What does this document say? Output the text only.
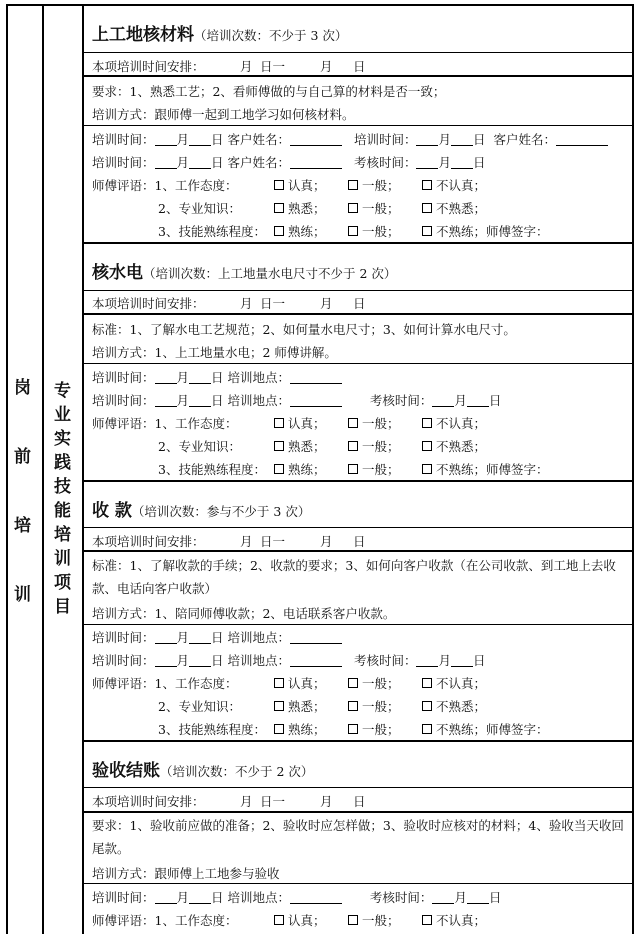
岗
前
培
训
专
业
实
践
技
能
培
训
项
目
上工地核材料（培训次数：不少于 3 次）
本项培训时间安排：	月 日一	月 日
要求：1、熟悉工艺；2、看师傅做的与自己算的材料是否一致；
培训方式：跟师傅一起到工地学习如何核材料。
培训时间： 月 日 客户姓名：	培训时间： 月 日 客户姓名：
培训时间： 月 日 客户姓名：	考核时间： 月 日
师傅评语：1、工作态度：	认真；	一般；	不认真；
2、专业知识：	熟悉；	一般；	不熟悉；
3、技能熟练程度：	熟练；	一般；	不熟练；师傅签字：
核水电（培训次数：上工地量水电尺寸不少于 2 次）
本项培训时间安排：	月 日一	月 日
标准：1、了解水电工艺规范；2、如何量水电尺寸；3、如何计算水电尺寸。
培训方式：1、上工地量水电；2 师傅讲解。
培训时间： 月 日 培训地点：
培训时间： 月 日 培训地点：	考核时间： 月 日
师傅评语：1、工作态度：	认真；	一般；	不认真；
2、专业知识：	熟悉；	一般；	不熟悉；
3、技能熟练程度：	熟练；	一般；	不熟练；师傅签字：
收 款（培训次数：参与不少于 3 次）
本项培训时间安排：	月 日一	月 日
标准：1、了解收款的手续；2、收款的要求；3、如何向客户收款（在公司收款、到工地上去收款、电话向客户收款）
培训方式：1、陪同师傅收款；2、电话联系客户收款。
培训时间： 月 日 培训地点：
培训时间： 月 日 培训地点：	考核时间： 月 日
师傅评语：1、工作态度：	认真；	一般；	不认真；
2、专业知识：	熟悉；	一般；	不熟悉；
3、技能熟练程度：	熟练；	一般；	不熟练；师傅签字：
验收结账（培训次数：不少于 2 次）
本项培训时间安排：	月 日一	月 日
要求：1、验收前应做的准备；2、验收时应怎样做；3、验收时应核对的材料；4、验收当天收回尾款。
培训方式：跟师傅上工地参与验收
培训时间： 月 日 培训地点：	考核时间： 月 日
师傅评语：1、工作态度：	认真；	一般；	不认真；
